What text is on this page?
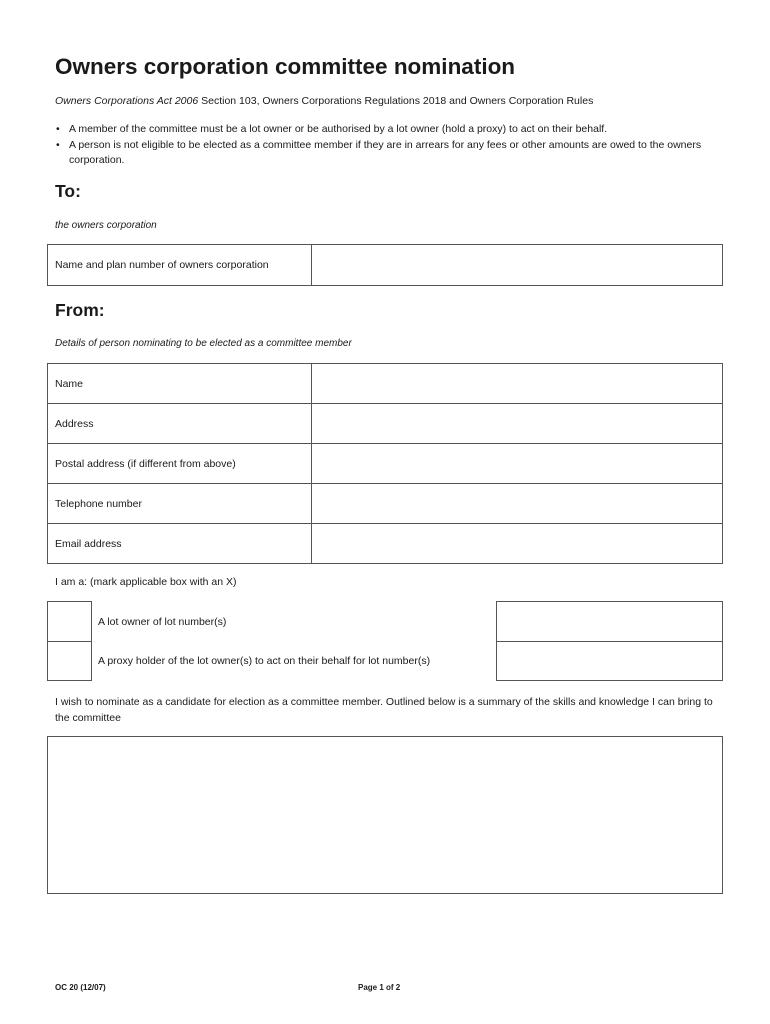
Owners corporation committee nomination
Owners Corporations Act 2006 Section 103, Owners Corporations Regulations 2018 and Owners Corporation Rules
• A member of the committee must be a lot owner or be authorised by a lot owner (hold a proxy) to act on their behalf.
• A person is not eligible to be elected as a committee member if they are in arrears for any fees or other amounts are owed to the owners corporation.
To:
the owners corporation
Name and plan number of owners corporation	
From:
Details of person nominating to be elected as a committee member
Name	
Address	
Postal address (if different from above)	
Telephone number	
Email address	
I am a: (mark applicable box with an X)
A lot owner of lot number(s)
A proxy holder of the lot owner(s) to act on their behalf for lot number(s)
I wish to nominate as a candidate for election as a committee member. Outlined below is a summary of the skills and knowledge I can bring to the committee
OC 20 (12/07)	Page 1 of 2
